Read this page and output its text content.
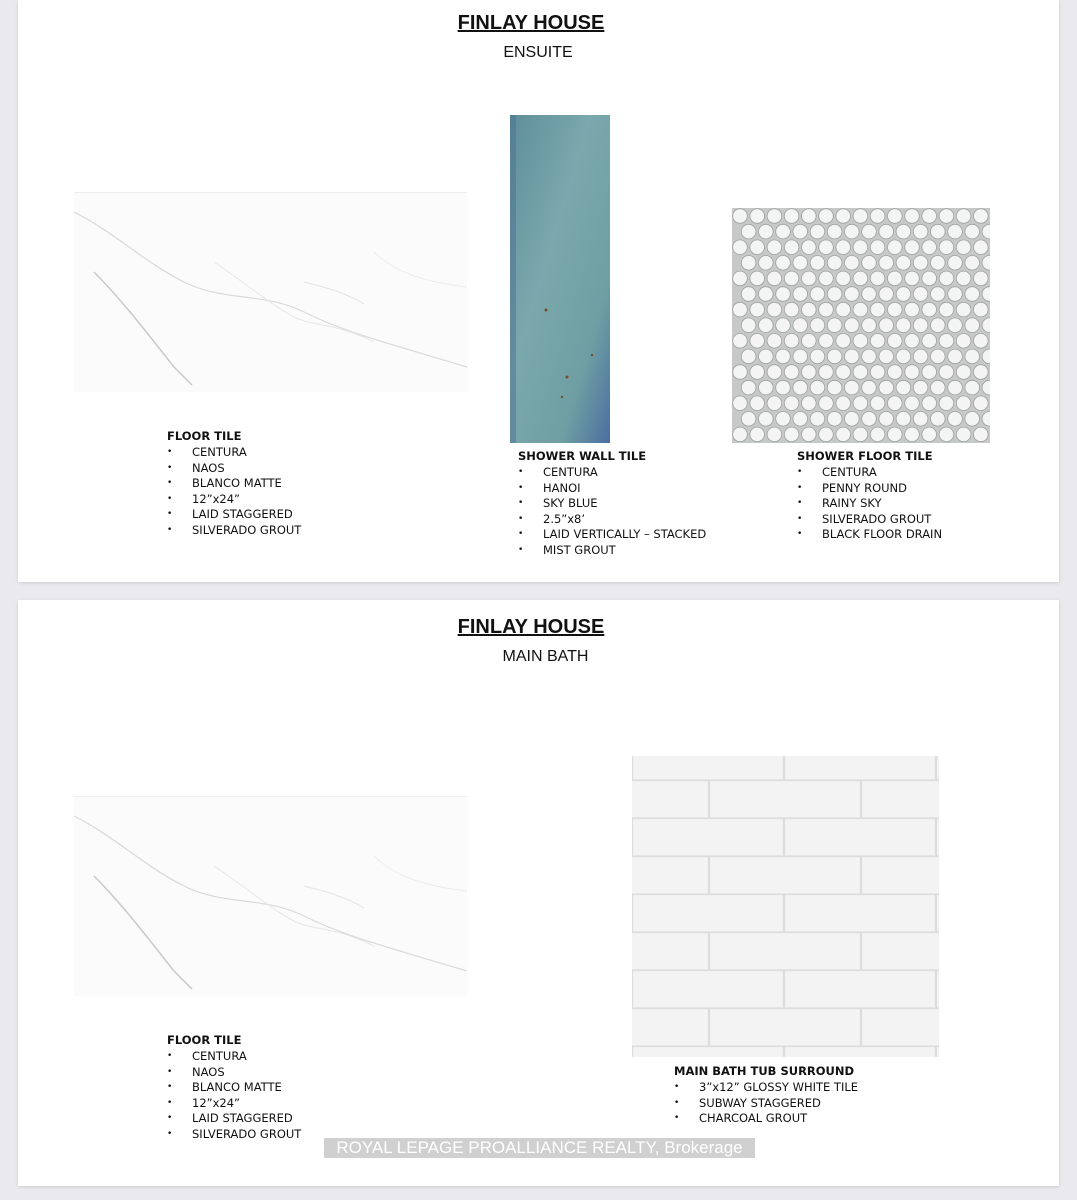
FINLAY HOUSE
ENSUITE
FLOOR TILE
• CENTURA
• NAOS
• BLANCO MATTE
• 12”x24”
• LAID STAGGERED
• SILVERADO GROUT
SHOWER WALL TILE
• CENTURA
• HANOI
• SKY BLUE
• 2.5”x8’
• LAID VERTICALLY – STACKED
• MIST GROUT
SHOWER FLOOR TILE
• CENTURA
• PENNY ROUND
• RAINY SKY
• SILVERADO GROUT
• BLACK FLOOR DRAIN
FINLAY HOUSE
MAIN BATH
FLOOR TILE
• CENTURA
• NAOS
• BLANCO MATTE
• 12”x24”
• LAID STAGGERED
• SILVERADO GROUT
MAIN BATH TUB SURROUND
• 3”x12” GLOSSY WHITE TILE
• SUBWAY STAGGERED
• CHARCOAL GROUT
ROYAL LEPAGE PROALLIANCE REALTY, Brokerage
